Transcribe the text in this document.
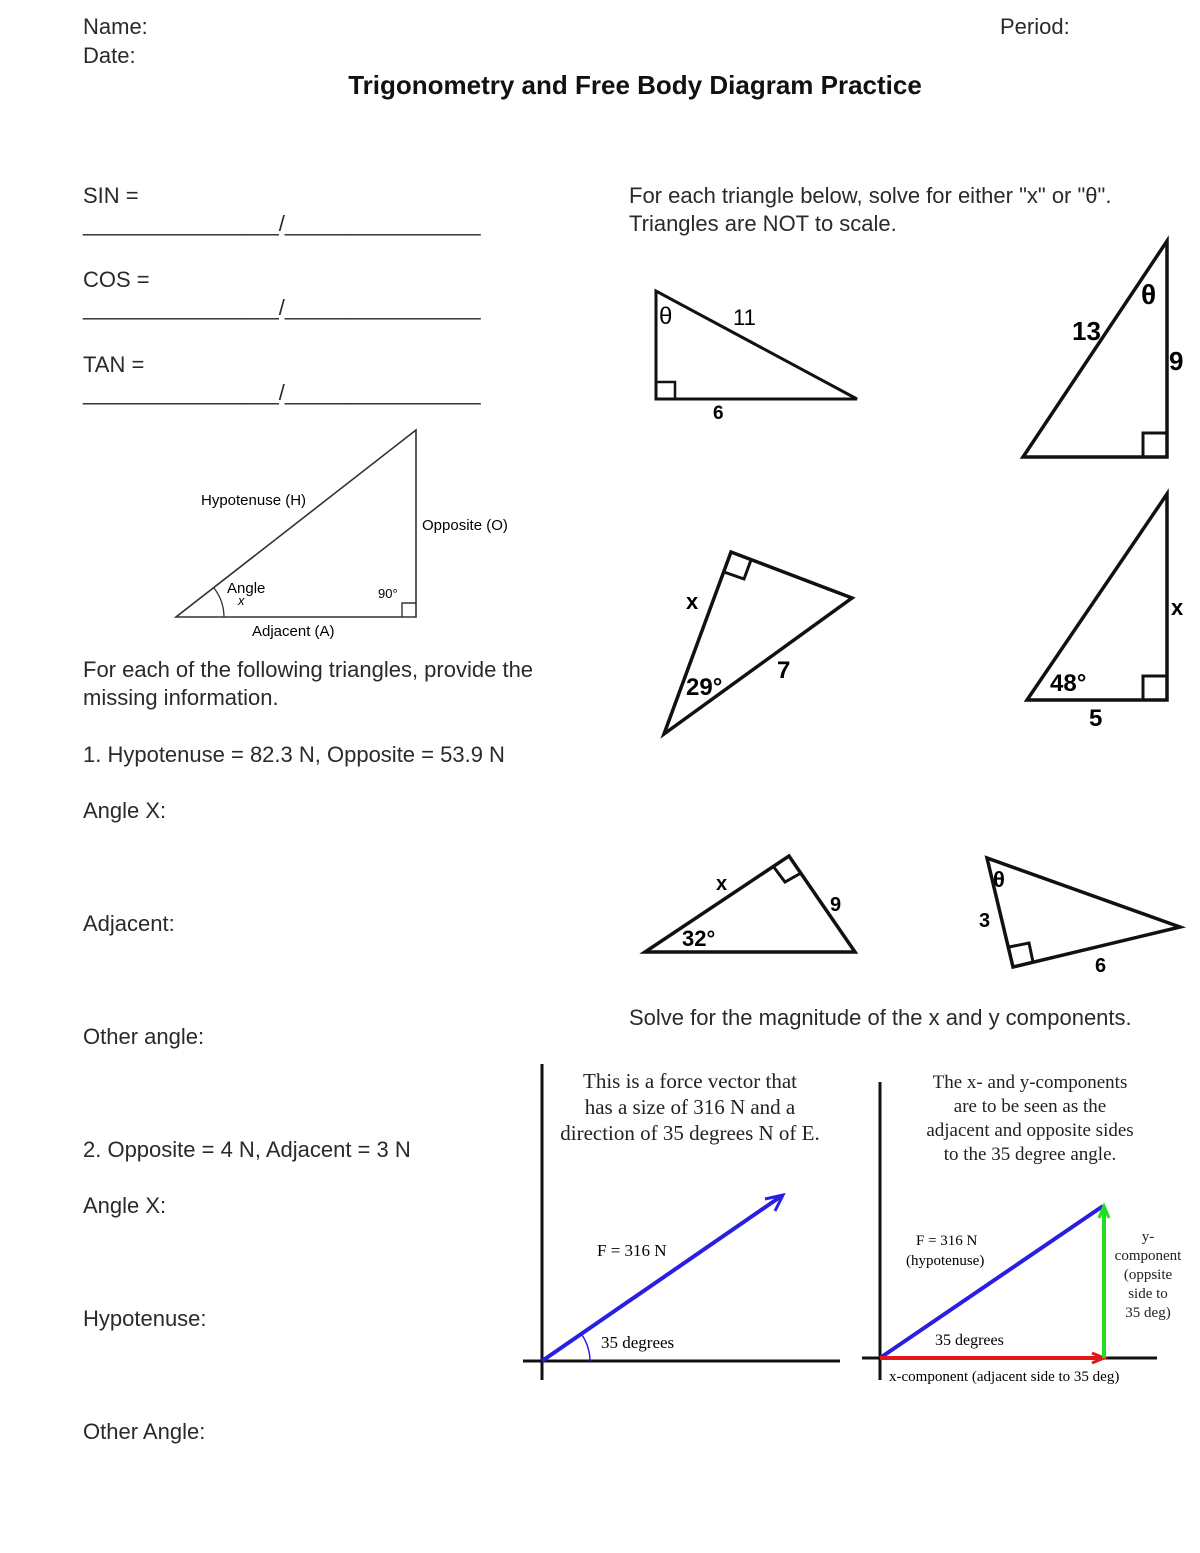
Name:
Date:
Period:
Trigonometry and Free Body Diagram Practice
SIN =
________________/________________
COS =
________________/________________
TAN =
________________/________________
Hypotenuse (H)
Opposite (O)
Adjacent (A)
Angle
x	90°
θ	11
6
13
θ
9
x
29°
7	48°
5
x
x
9
32°
θ
3
6
F = 316 N
35 degrees
F = 316 N
(hypotenuse)
35 degrees
x-component (adjacent side to 35 deg)
For each of the following triangles, provide the
missing information.
1. Hypotenuse = 82.3 N, Opposite = 53.9 N
Angle X:
Adjacent:
Other angle:
2. Opposite = 4 N, Adjacent = 3 N
Angle X:
Hypotenuse:
Other Angle:
For each triangle below, solve for either "x" or "θ".
Triangles are NOT to scale.
Solve for the magnitude of the x and y components.
This is a force vector that
has a size of 316 N and a
direction of 35 degrees N of E.
The x- and y-components
are to be seen as the
adjacent and opposite sides
to the 35 degree angle.
y-
component
(oppsite
side to
35 deg)
